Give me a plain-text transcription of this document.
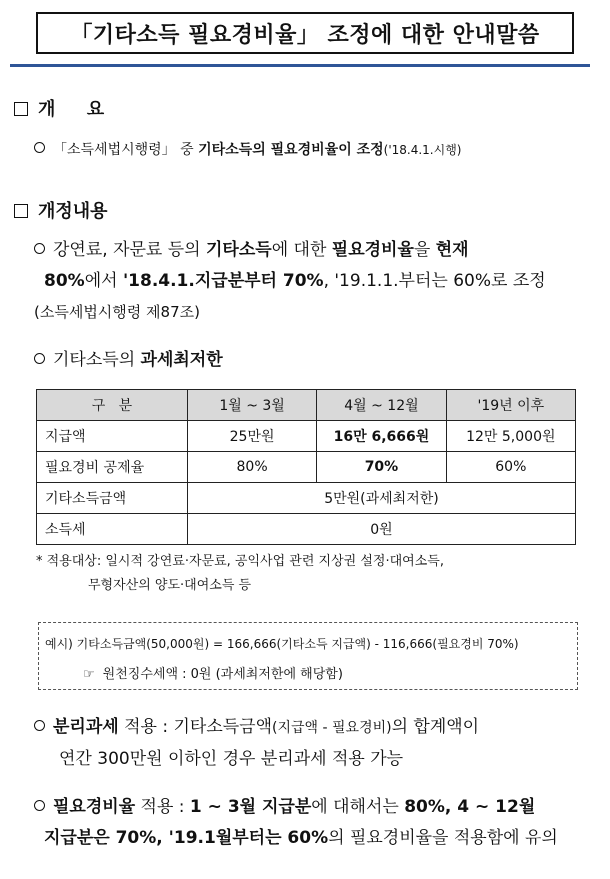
「기타소득 필요경비율」 조정에 대한 안내말씀
개     요
「소득세법시행령」 중 기타소득의 필요경비율이 조정('18.4.1.시행)
개정내용
강연료, 자문료 등의 기타소득에 대한 필요경비율을 현재
80%에서 '18.4.1.지급분부터 70%, '19.1.1.부터는 60%로 조정
(소득세법시행령 제87조)
기타소득의 과세최저한
구   분	1월 ~ 3월	4월 ~ 12월	'19년 이후
지급액	25만원	16만 6,666원	12만 5,000원
필요경비 공제율	80%	70%	60%
기타소득금액	5만원(과세최저한)		
소득세	0원		
* 적용대상: 일시적 강연료·자문료, 공익사업 관련 지상권 설정·대여소득,
무형자산의 양도·대여소득 등
예시) 기타소득금액(50,000원) = 166,666(기타소득 지급액) - 116,666(필요경비 70%)
☞ 원천징수세액 : 0원 (과세최저한에 해당함)
분리과세 적용 : 기타소득금액(지급액 - 필요경비)의 합계액이
연간 300만원 이하인 경우 분리과세 적용 가능
필요경비율 적용 : 1 ~ 3월 지급분에 대해서는 80%, 4 ~ 12월
지급분은 70%, '19.1월부터는 60%의 필요경비율을 적용함에 유의
